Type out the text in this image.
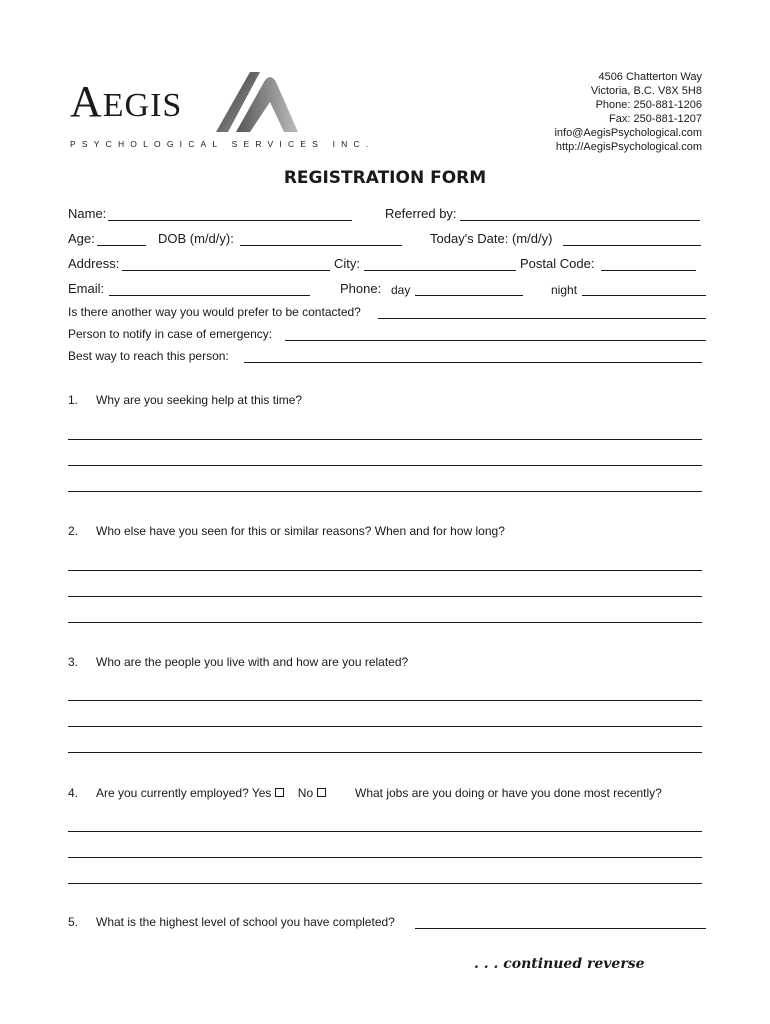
4506 Chatterton Way
Victoria, B.C. V8X 5H8
Phone: 250-881-1206
Fax: 250-881-1207
info@AegisPsychological.com
http://AegisPsychological.com
AEGIS
PSYCHOLOGICAL SERVICES INC.
REGISTRATION FORM
Name:	Referred by:
Age:	DOB (m/d/y):	Today's Date: (m/d/y)
Address:	City:	Postal Code:
Email:	Phone: day	night
Is there another way you would prefer to be contacted?
Person to notify in case of emergency:
Best way to reach this person:
1. Why are you seeking help at this time?
2. Who else have you seen for this or similar reasons? When and for how long?
3. Who are the people you live with and how are you related?
4. Are you currently employed? Yes No	What jobs are you doing or have you done most recently?
5. What is the highest level of school you have completed?
. . . continued reverse
